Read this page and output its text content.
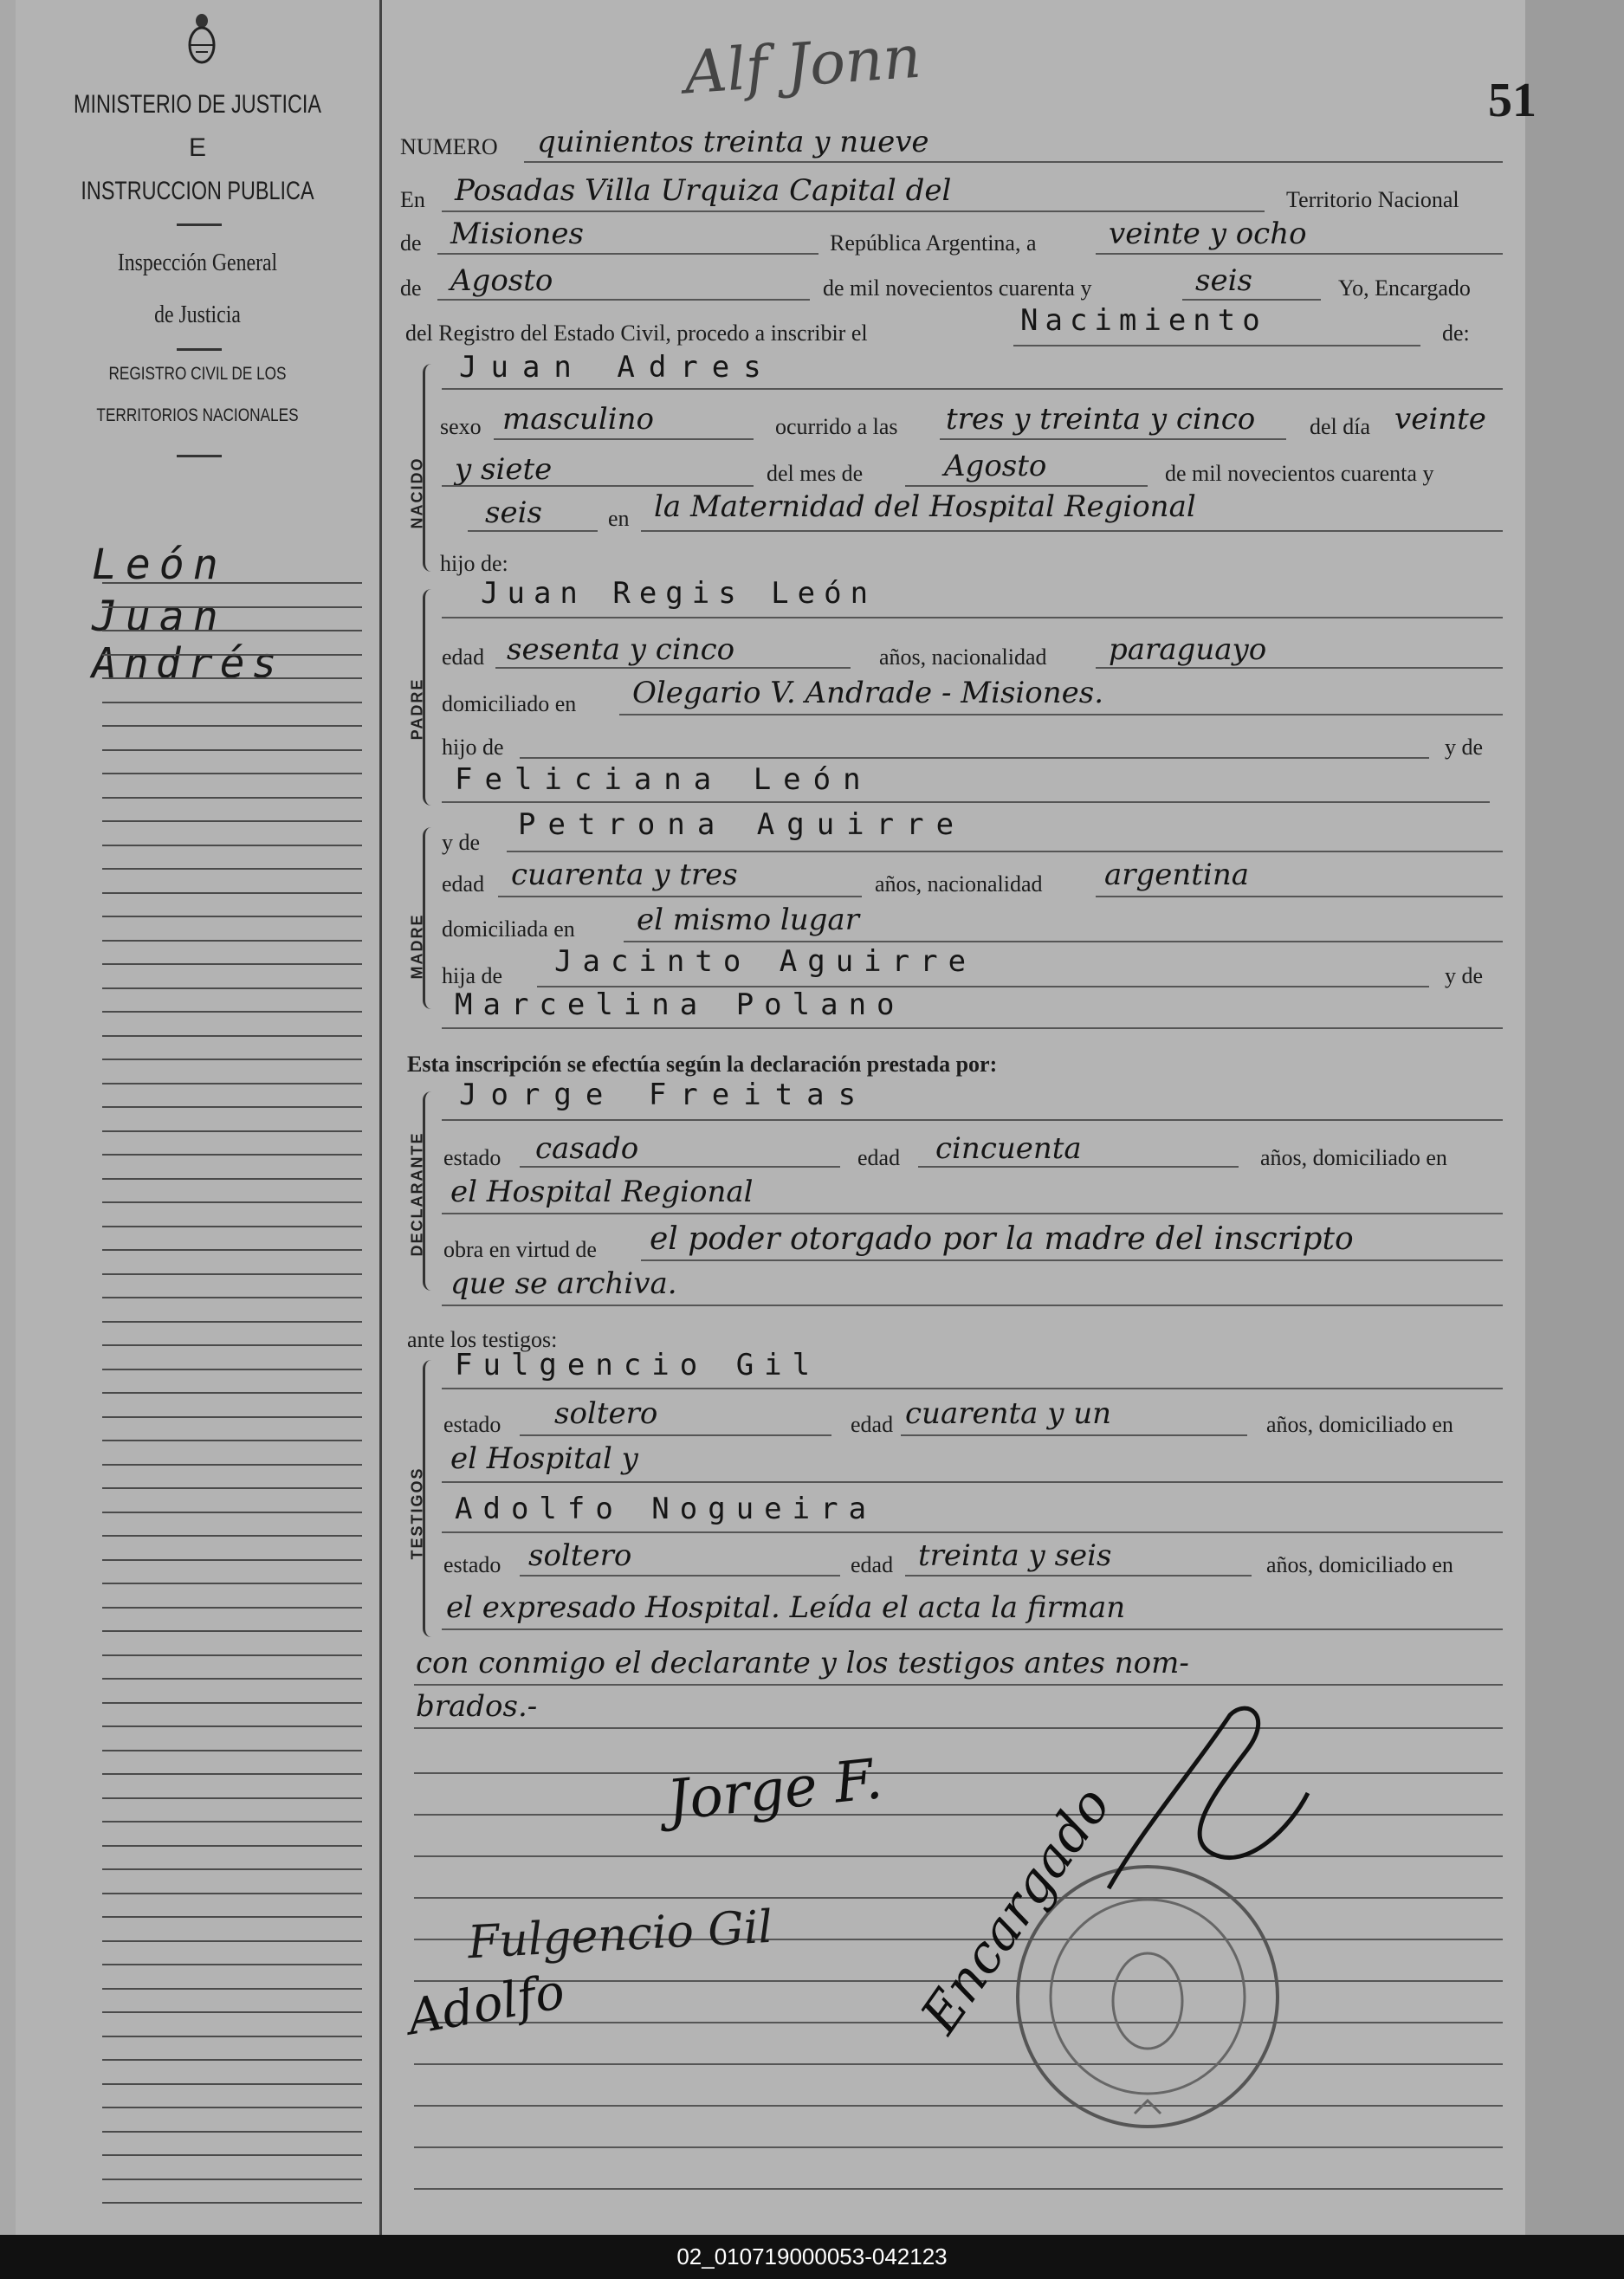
MINISTERIO DE JUSTICIA
E
INSTRUCCION PUBLICA
Inspección General
de Justicia
REGISTRO CIVIL DE LOS
TERRITORIOS NACIONALES
León
Juan
Andrés
51
Alf Jonn
NUMERO quinientos treinta y nueve
En Posadas Villa Urquiza Capital del	Territorio Nacional
de Misiones	República Argentina, a veinte y ocho
de Agosto	de mil novecientos cuarenta y	seis	Yo, Encargado
del Registro del Estado Civil, procedo a inscribir el	Nacimiento	de:
NACIDO
Juan Adres
sexo masculino	ocurrido a las tres y treinta y cinco del día veinte
y siete	del mes de	Agosto	de mil novecientos cuarenta y
seis	en la Maternidad del Hospital Regional
hijo de:
PADRE
Juan Regis León
edad sesenta y cinco	años, nacionalidad paraguayo
domiciliado en Olegario V. Andrade - Misiones.
hijo de	y de
Feliciana León
MADRE
y de
Petrona Aguirre
edad cuarenta y tres	años, nacionalidad argentina
domiciliada en el mismo lugar
hija de Jacinto Aguirre	y de
Marcelina Polano
Esta inscripción se efectúa según la declaración prestada por:
DECLARANTE
Jorge Freitas
estado casado	edad cincuenta	años, domiciliado en
el Hospital Regional
obra en virtud de el poder otorgado por la madre del inscripto
que se archiva.
ante los testigos:
TESTIGOS
Fulgencio Gil
estado soltero	edad cuarenta y un	años, domiciliado en
el Hospital y
Adolfo Nogueira
estado soltero	edad treinta y seis	años, domiciliado en
el expresado Hospital. Leída el acta la firman
con conmigo el declarante y los testigos antes nom-
brados.-
Jorge F.
Fulgencio Gil
Adolfo	Encargado
02_010719000053-042123
